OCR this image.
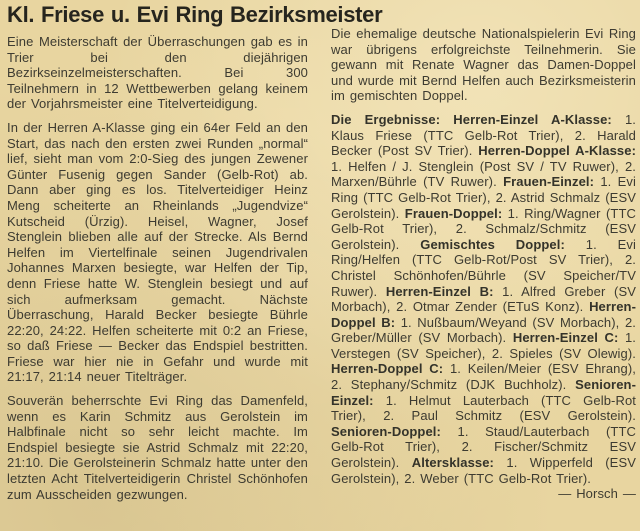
Kl. Friese u. Evi Ring Bezirksmeister

Eine Meisterschaft der Überraschungen gab es in Trier bei den diejährigen Bezirkseinzelmeisterschaften. Bei 300 Teilnehmern in 12 Wettbewerben gelang keinem der Vorjahrsmeister eine Titelverteidigung.

In der Herren A-Klasse ging ein 64er Feld an den Start, das nach den ersten zwei Runden „normal“ lief, sieht man vom 2:0-Sieg des jungen Zewener Günter Fusenig gegen Sander (Gelb-Rot) ab. Dann aber ging es los. Titelverteidiger Heinz Meng scheiterte an Rheinlands „Jugendvize“ Kutscheid (Ürzig). Heisel, Wagner, Josef Stenglein blieben alle auf der Strecke. Als Bernd Helfen im Viertelfinale seinen Jugendrivalen Johannes Marxen besiegte, war Helfen der Tip, denn Friese hatte W. Stenglein besiegt und auf sich aufmerksam gemacht. Nächste Überraschung, Harald Becker besiegte Bührle 22:20, 24:22. Helfen scheiterte mit 0:2 an Friese, so daß Friese — Becker das Endspiel bestritten. Friese war hier nie in Gefahr und wurde mit 21:17, 21:14 neuer Titelträger.

Souverän beherrschte Evi Ring das Damenfeld, wenn es Karin Schmitz aus Gerolstein im Halbfinale nicht so sehr leicht machte. Im Endspiel besiegte sie Astrid Schmalz mit 22:20, 21:10. Die Gerolsteinerin Schmalz hatte unter den letzten Acht Titelverteidigerin Christel Schönhofen zum Ausscheiden gezwungen.

Die ehemalige deutsche Nationalspielerin Evi Ring war übrigens erfolgreichste Teilnehmerin. Sie gewann mit Renate Wagner das Damen-Doppel und wurde mit Bernd Helfen auch Bezirksmeisterin im gemischten Doppel.

Die Ergebnisse: Herren-Einzel A-Klasse: 1. Klaus Friese (TTC Gelb-Rot Trier), 2. Harald Becker (Post SV Trier). Herren-Doppel A-Klasse: 1. Helfen / J. Stenglein (Post SV / TV Ruwer), 2. Marxen/Bührle (TV Ruwer). Frauen-Einzel: 1. Evi Ring (TTC Gelb-Rot Trier), 2. Astrid Schmalz (ESV Gerolstein). Frauen-Doppel: 1. Ring/Wagner (TTC Gelb-Rot Trier), 2. Schmalz/Schmitz (ESV Gerolstein). Gemischtes Doppel: 1. Evi Ring/Helfen (TTC Gelb-Rot/Post SV Trier), 2. Christel Schönhofen/Bührle (SV Speicher/TV Ruwer). Herren-Einzel B: 1. Alfred Greber (SV Morbach), 2. Otmar Zender (ETuS Konz). Herren-Doppel B: 1. Nußbaum/Weyand (SV Morbach), 2. Greber/Müller (SV Morbach). Herren-Einzel C: 1. Verstegen (SV Speicher), 2. Spieles (SV Olewig). Herren-Doppel C: 1. Keilen/Meier (ESV Ehrang), 2. Stephany/Schmitz (DJK Buchholz). Senioren-Einzel: 1. Helmut Lauterbach (TTC Gelb-Rot Trier), 2. Paul Schmitz (ESV Gerolstein). Senioren-Doppel: 1. Staud/Lauterbach (TTC Gelb-Rot Trier), 2. Fischer/Schmitz ESV Gerolstein). Altersklasse: 1. Wipperfeld (ESV Gerolstein), 2. Weber (TTC Gelb-Rot Trier).
— Horsch —
